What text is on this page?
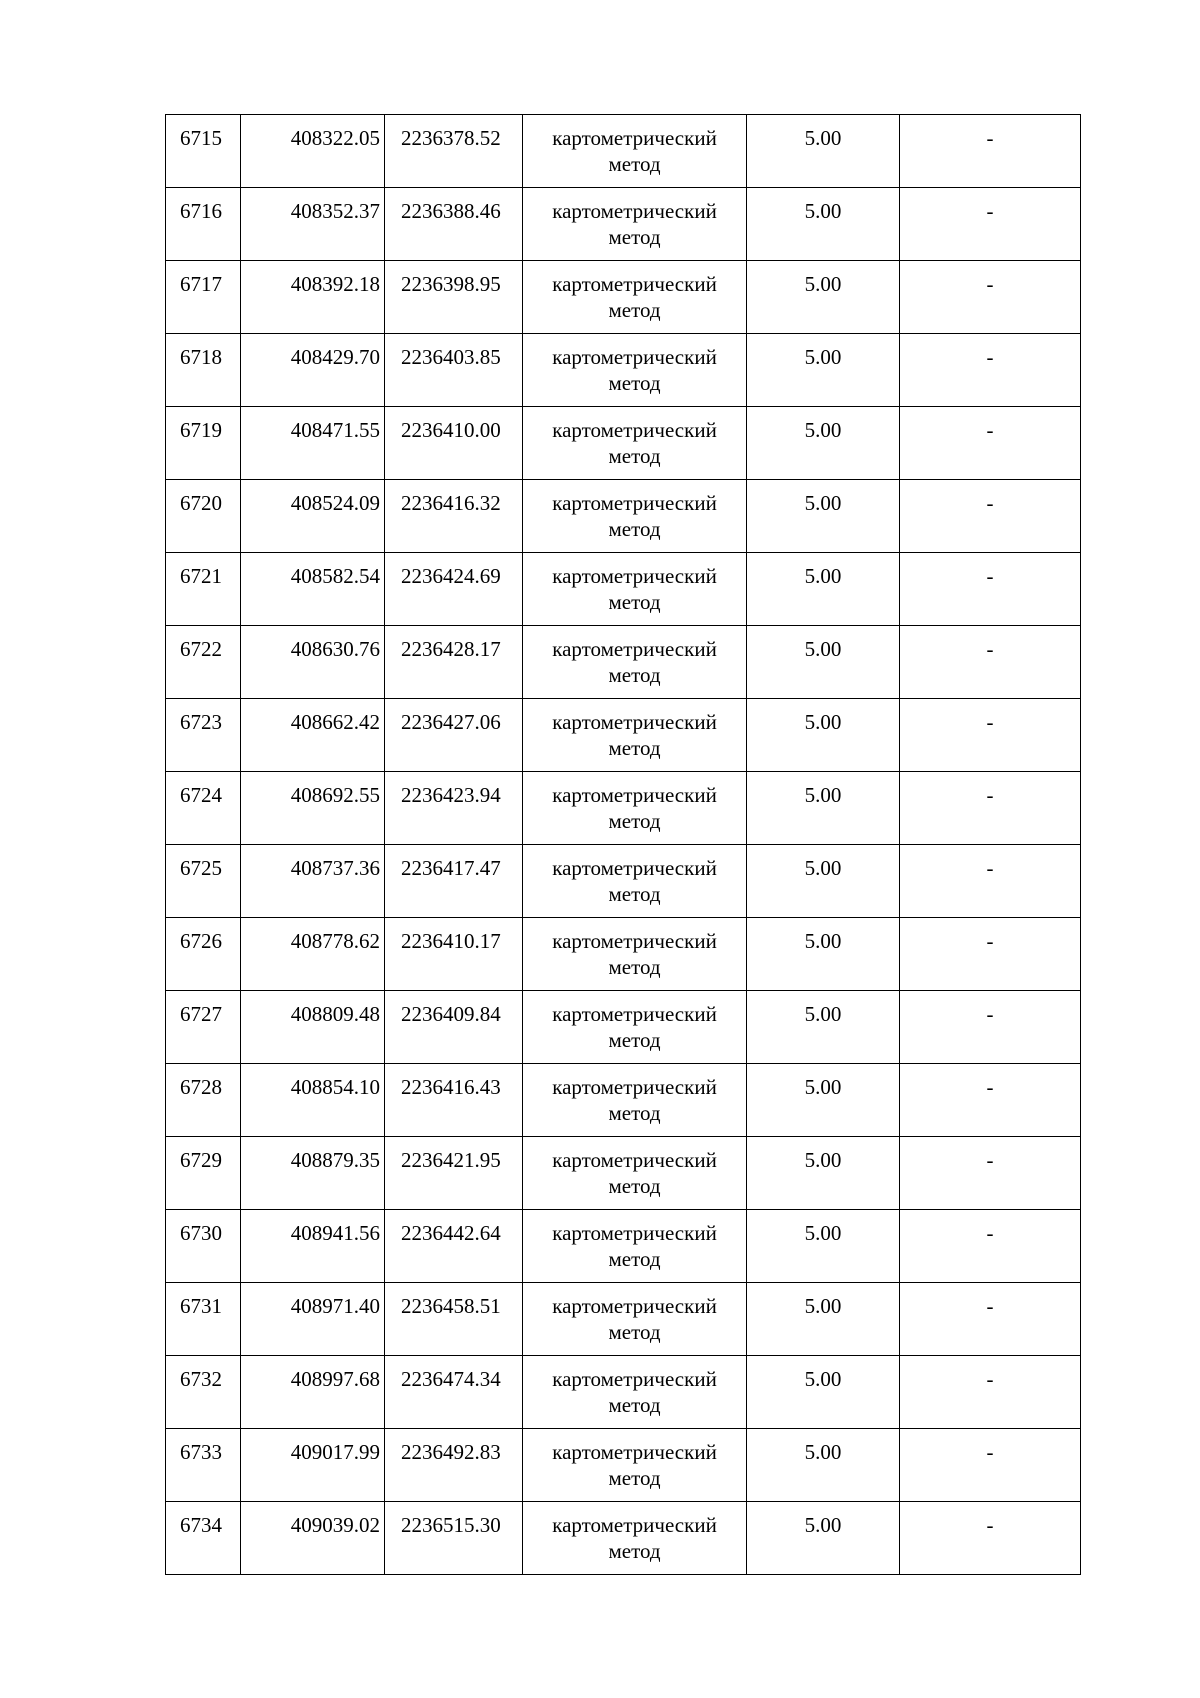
6715	408322.05	2236378.52	картометрический метод	5.00	-
6716	408352.37	2236388.46	картометрический метод	5.00	-
6717	408392.18	2236398.95	картометрический метод	5.00	-
6718	408429.70	2236403.85	картометрический метод	5.00	-
6719	408471.55	2236410.00	картометрический метод	5.00	-
6720	408524.09	2236416.32	картометрический метод	5.00	-
6721	408582.54	2236424.69	картометрический метод	5.00	-
6722	408630.76	2236428.17	картометрический метод	5.00	-
6723	408662.42	2236427.06	картометрический метод	5.00	-
6724	408692.55	2236423.94	картометрический метод	5.00	-
6725	408737.36	2236417.47	картометрический метод	5.00	-
6726	408778.62	2236410.17	картометрический метод	5.00	-
6727	408809.48	2236409.84	картометрический метод	5.00	-
6728	408854.10	2236416.43	картометрический метод	5.00	-
6729	408879.35	2236421.95	картометрический метод	5.00	-
6730	408941.56	2236442.64	картометрический метод	5.00	-
6731	408971.40	2236458.51	картометрический метод	5.00	-
6732	408997.68	2236474.34	картометрический метод	5.00	-
6733	409017.99	2236492.83	картометрический метод	5.00	-
6734	409039.02	2236515.30	картометрический метод	5.00	-
